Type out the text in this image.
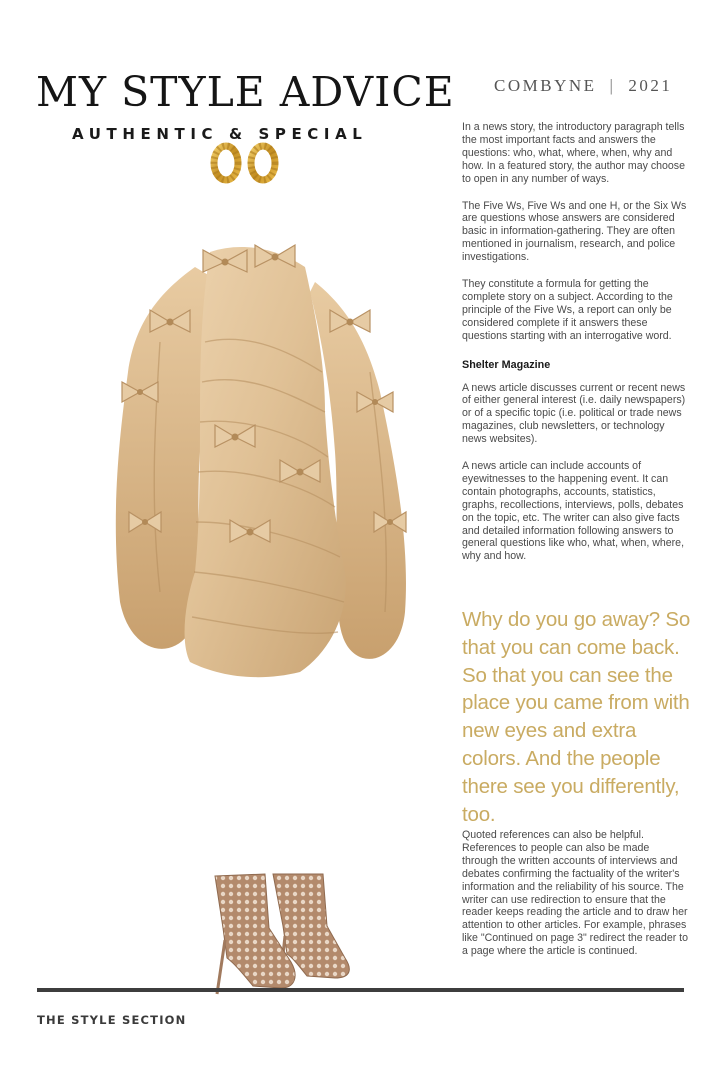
MY STYLE ADVICE
AUTHENTIC & SPECIAL
COMBYNE | 2021

In a news story, the introductory paragraph tells the most important facts and answers the questions: who, what, where, when, why and how. In a featured story, the author may choose to open in any number of ways.

The Five Ws, Five Ws and one H, or the Six Ws are questions whose answers are considered basic in information-gathering. They are often mentioned in journalism, research, and police investigations.

They constitute a formula for getting the complete story on a subject. According to the principle of the Five Ws, a report can only be considered complete if it answers these questions starting with an interrogative word.

Shelter Magazine

A news article discusses current or recent news of either general interest (i.e. daily newspapers) or of a specific topic (i.e. political or trade news magazines, club newsletters, or technology news websites).

A news article can include accounts of eyewitnesses to the happening event. It can contain photographs, accounts, statistics, graphs, recollections, interviews, polls, debates on the topic, etc. The writer can also give facts and detailed information following answers to general questions like who, what, when, where, why and how.

Why do you go away? So that you can come back. So that you can see the place you came from with new eyes and extra colors. And the people there see you differently, too.

Quoted references can also be helpful. References to people can also be made through the written accounts of interviews and debates confirming the factuality of the writer's information and the reliability of his source. The writer can use redirection to ensure that the reader keeps reading the article and to draw her attention to other articles. For example, phrases like "Continued on page 3" redirect the reader to a page where the article is continued.

THE STYLE SECTION
